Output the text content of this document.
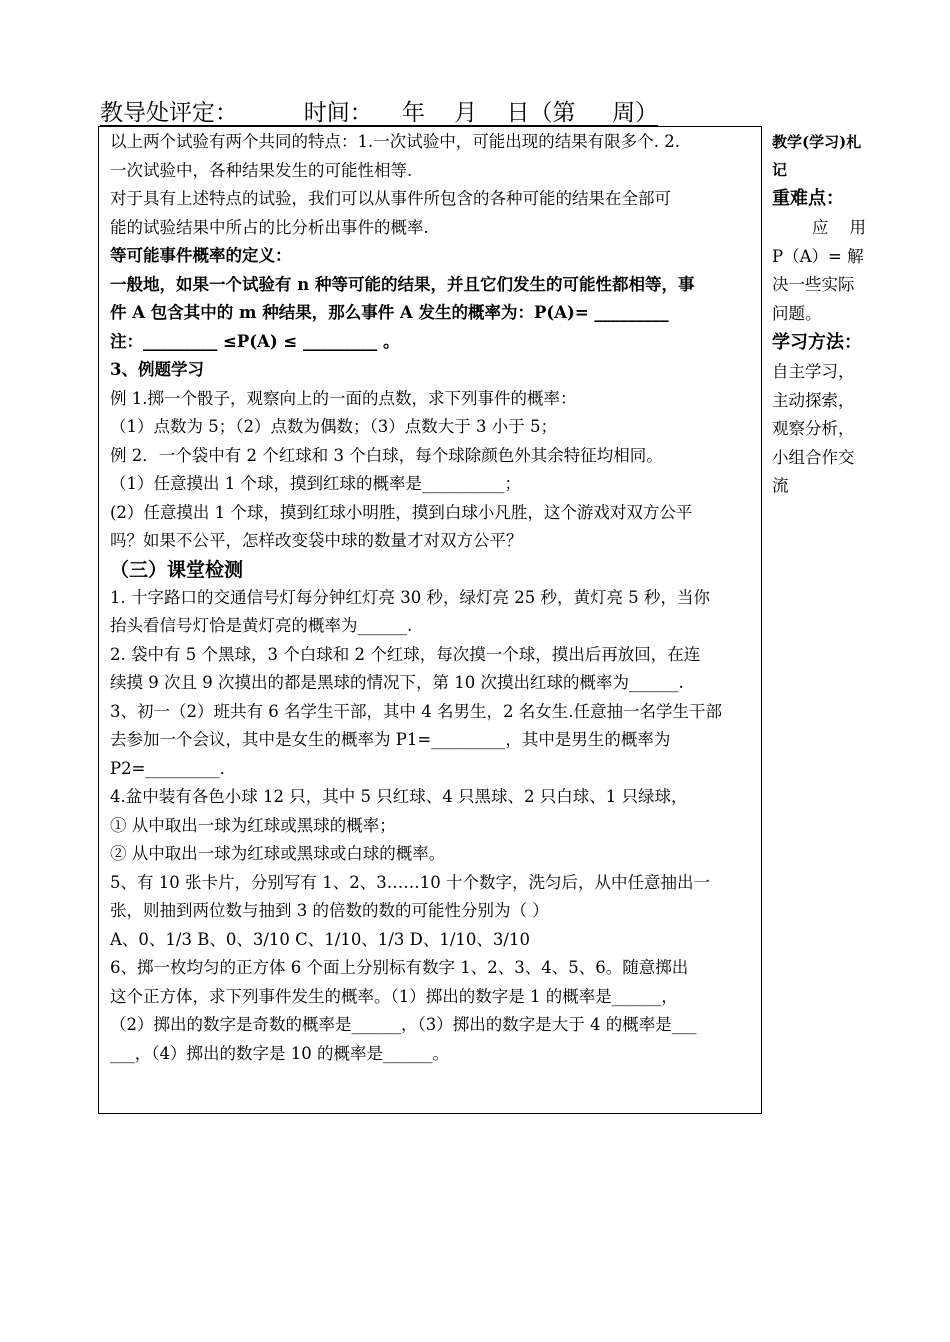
教导处评定：         时间：    年    月    日（第     周）
以上两个试验有两个共同的特点：1.一次试验中，可能出现的结果有限多个. 2.
一次试验中，各种结果发生的可能性相等.
对于具有上述特点的试验，我们可以从事件所包含的各种可能的结果在全部可
能的试验结果中所占的比分析出事件的概率.
等可能事件概率的定义：
一般地，如果一个试验有 n 种等可能的结果，并且它们发生的可能性都相等，事
件 A 包含其中的 m 种结果，那么事件 A 发生的概率为：P(A)= _________
注：_________ ≤P(A) ≤ _________ 。
3、例题学习
例 1.掷一个骰子，观察向上的一面的点数，求下列事件的概率：
（1）点数为 5；（2）点数为偶数；（3）点数大于 3 小于 5；
例 2．一个袋中有 2 个红球和 3 个白球，每个球除颜色外其余特征均相同。
（1）任意摸出 1 个球，摸到红球的概率是__________；
(2）任意摸出 1 个球，摸到红球小明胜，摸到白球小凡胜，这个游戏对双方公平
吗？如果不公平，怎样改变袋中球的数量才对双方公平？
（三）课堂检测
1. 十字路口的交通信号灯每分钟红灯亮 30 秒，绿灯亮 25 秒，黄灯亮 5 秒，当你
抬头看信号灯恰是黄灯亮的概率为______.
2. 袋中有 5 个黑球，3 个白球和 2 个红球，每次摸一个球，摸出后再放回，在连
续摸 9 次且 9 次摸出的都是黑球的情况下，第 10 次摸出红球的概率为______.
3、初一（2）班共有 6 名学生干部，其中 4 名男生，2 名女生.任意抽一名学生干部
去参加一个会议，其中是女生的概率为 P1=_________，其中是男生的概率为
P2=_________.
4.盆中装有各色小球 12 只，其中 5 只红球、4 只黑球、2 只白球、1 只绿球，
① 从中取出一球为红球或黑球的概率；
② 从中取出一球为红球或黑球或白球的概率。
5、有 10 张卡片，分别写有 1、2、3……10 十个数字，洗匀后，从中任意抽出一
张，则抽到两位数与抽到 3 的倍数的数的可能性分别为（ ）
A、0、1/3 B、0、3/10 C、1/10、1/3 D、1/10、3/10
6、掷一枚均匀的正方体 6 个面上分别标有数字 1、2、3、4、5、6。随意掷出
这个正方体，求下列事件发生的概率。（1）掷出的数字是 1 的概率是______，
（2）掷出的数字是奇数的概率是______，（3）掷出的数字是大于 4 的概率是___
___，（4）掷出的数字是 10 的概率是______。
教学(学习)札记
重难点：
应    用
P（A）= 解
决一些实际
问题。
学习方法：
自主学习，
主动探索，
观察分析，
小组合作交
流
